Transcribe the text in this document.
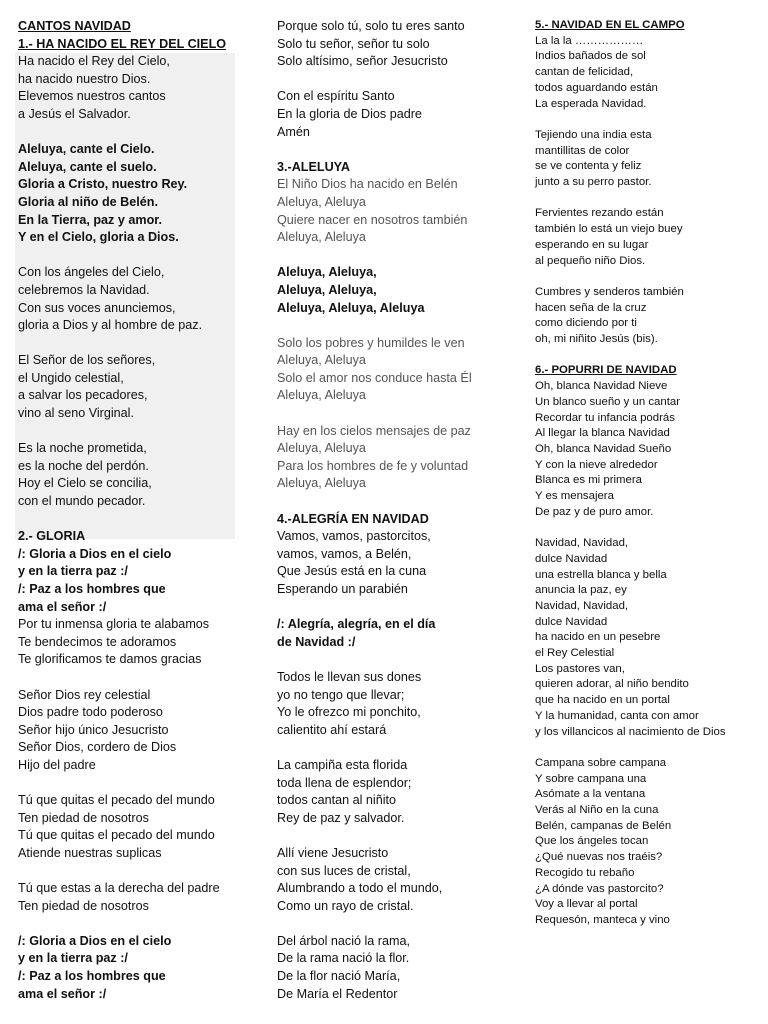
CANTOS NAVIDAD
1.- HA NACIDO EL REY DEL CIELO
Ha nacido el Rey del Cielo,
ha nacido nuestro Dios.
Elevemos nuestros cantos
a Jesús el Salvador.
Aleluya, cante el Cielo.
Aleluya, cante el suelo.
Gloria a Cristo, nuestro Rey.
Gloria al niño de Belén.
En la Tierra, paz y amor.
Y en el Cielo, gloria a Dios.
Con los ángeles del Cielo,
celebremos la Navidad.
Con sus voces anunciemos,
gloria a Dios y al hombre de paz.
El Señor de los señores,
el Ungido celestial,
a salvar los pecadores,
vino al seno Virginal.
Es la noche prometida,
es la noche del perdón.
Hoy el Cielo se concilia,
con el mundo pecador.
2.- GLORIA
/: Gloria a Dios en el cielo
y en la tierra paz :/
/: Paz a los hombres que
ama el señor :/
Por tu inmensa gloria te alabamos
Te bendecimos te adoramos
Te glorificamos te damos gracias
Señor Dios rey celestial
Dios padre todo poderoso
Señor hijo único Jesucristo
Señor Dios, cordero de Dios
Hijo del padre
Tú que quitas el pecado del mundo
Ten piedad de nosotros
Tú que quitas el pecado del mundo
Atiende nuestras suplicas
Tú que estas a la derecha del padre
Ten piedad de nosotros
/: Gloria a Dios en el cielo
y en la tierra paz :/
/: Paz a los hombres que
ama el señor :/
Porque solo tú, solo tu eres santo
Solo tu señor, señor tu solo
Solo altísimo, señor Jesucristo
Con el espíritu Santo
En la gloria de Dios padre
Amén
3.-ALELUYA
El Niño Dios ha nacido en Belén
Aleluya, Aleluya
Quiere nacer en nosotros también
Aleluya, Aleluya
Aleluya, Aleluya,
Aleluya, Aleluya,
Aleluya, Aleluya, Aleluya
Solo los pobres y humildes le ven
Aleluya, Aleluya
Solo el amor nos conduce hasta Él
Aleluya, Aleluya
Hay en los cielos mensajes de paz
Aleluya, Aleluya
Para los hombres de fe y voluntad
Aleluya, Aleluya
4.-ALEGRÍA EN NAVIDAD
Vamos, vamos, pastorcitos,
vamos, vamos, a Belén,
Que Jesús está en la cuna
Esperando un parabién
/: Alegría, alegría, en el día
de Navidad :/
Todos le llevan sus dones
yo no tengo que llevar;
Yo le ofrezco mi ponchito,
calientito ahí estará
La campiña esta florida
toda llena de esplendor;
todos cantan al niñito
Rey de paz y salvador.
Allí viene Jesucristo
con sus luces de cristal,
Alumbrando a todo el mundo,
Como un rayo de cristal.
Del árbol nació la rama,
De la rama nació la flor.
De la flor nació María,
De María el Redentor
5.- NAVIDAD EN EL CAMPO
La la la ………………
Indios bañados de sol
cantan de felicidad,
todos aguardando están
La esperada Navidad.
Tejiendo una india esta
mantillitas de color
se ve contenta y feliz
junto a su perro pastor.
Fervientes rezando están
también lo está un viejo buey
esperando en su lugar
al pequeño niño Dios.
Cumbres y senderos también
hacen seña de la cruz
como diciendo por ti
oh, mi niñito Jesús (bis).
6.- POPURRI DE NAVIDAD
Oh, blanca Navidad Nieve
Un blanco sueño y un cantar
Recordar tu infancia podrás
Al llegar la blanca Navidad
Oh, blanca Navidad Sueño
Y con la nieve alrededor
Blanca es mi primera
Y es mensajera
De paz y de puro amor.
Navidad, Navidad,
dulce Navidad
una estrella blanca y bella
anuncia la paz, ey
Navidad, Navidad,
dulce Navidad
ha nacido en un pesebre
el Rey Celestial
Los pastores van,
quieren adorar, al niño bendito
que ha nacido en un portal
Y la humanidad, canta con amor
y los villancicos al nacimiento de Dios
Campana sobre campana
Y sobre campana una
Asómate a la ventana
Verás al Niño en la cuna
Belén, campanas de Belén
Que los ángeles tocan
¿Qué nuevas nos traéis?
Recogido tu rebaño
¿A dónde vas pastorcito?
Voy a llevar al portal
Requesón, manteca y vino
